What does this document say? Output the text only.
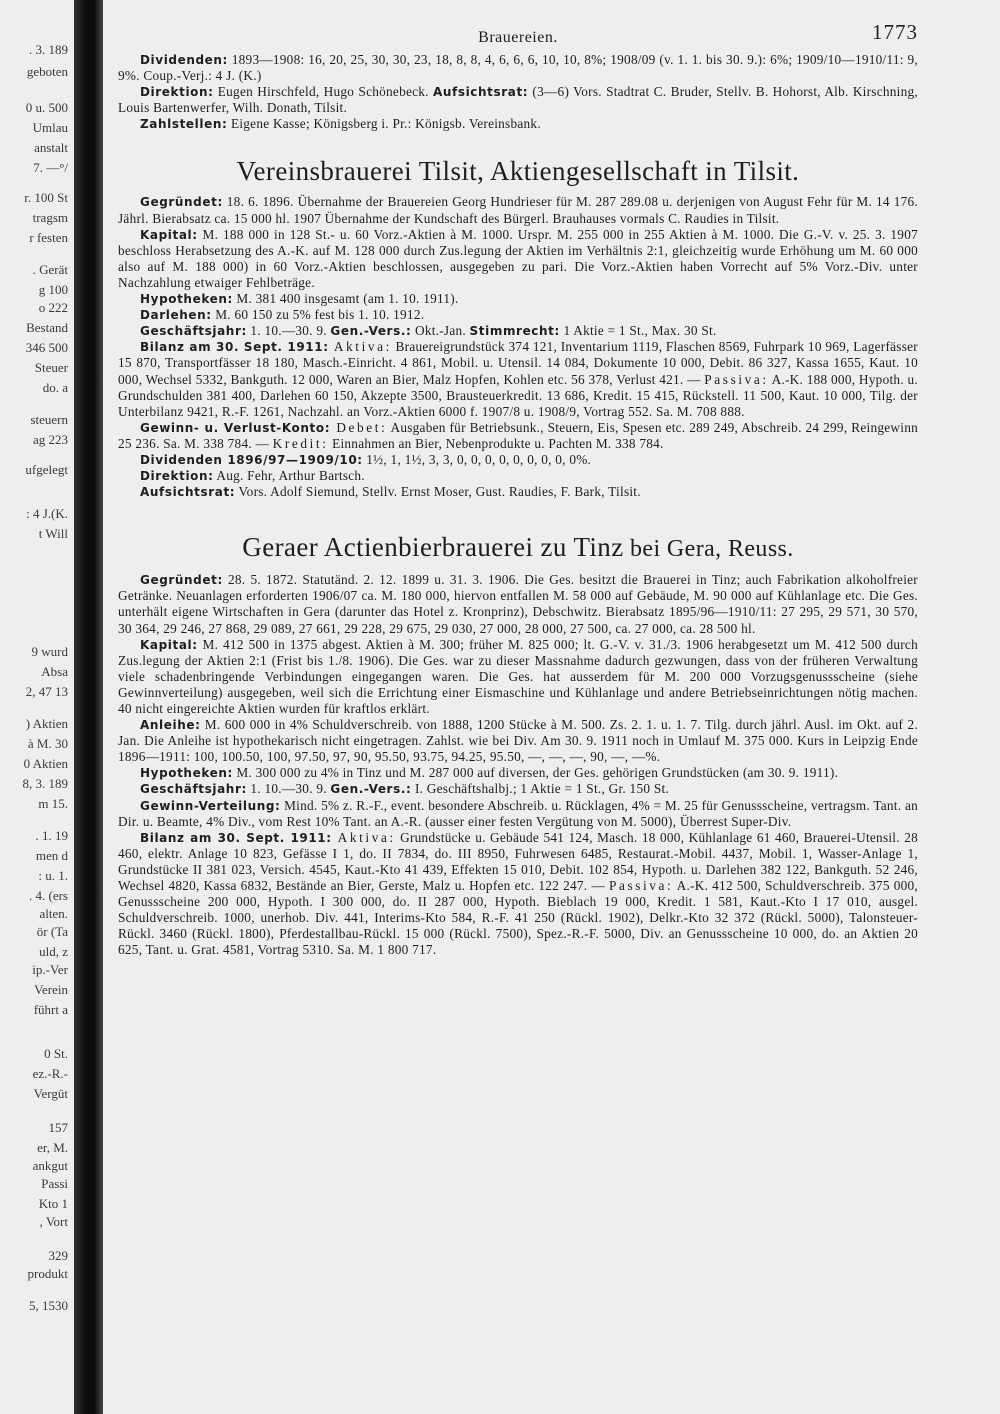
. 3. 189
geboten
0 u. 500
Umlau
anstalt
7. —°/
r. 100 St
tragsm
r festen
. Gerät
g 100
o 222
Bestand
346 500
Steuer
do. a
steuern
ag 223
ufgelegt
: 4 J.(K.
t Will
9 wurd
Absa
2, 47 13
) Aktien
à M. 30
0 Aktien
8, 3. 189
m 15.
. 1. 19
men d
: u. 1.
. 4. (ers
alten.
ör (Ta
uld, z
ip.-Ver
Verein
führt a
0 St.
ez.-R.-
Vergüt
157
er, M.
ankgut
Passi
Kto 1
, Vort
329
produkt
5, 1530
Brauereien.	1773

Dividenden: 1893—1908: 16, 20, 25, 30, 30, 23, 18, 8, 8, 4, 6, 6, 6, 10, 10, 8%; 1908/09 (v. 1. 1. bis 30. 9.): 6%; 1909/10—1910/11: 9, 9%. Coup.-Verj.: 4 J. (K.)

Direktion: Eugen Hirschfeld, Hugo Schönebeck. Aufsichtsrat: (3—6) Vors. Stadtrat C. Bruder, Stellv. B. Hohorst, Alb. Kirschning, Louis Bartenwerfer, Wilh. Donath, Tilsit.

Zahlstellen: Eigene Kasse; Königsberg i. Pr.: Königsb. Vereinsbank.

Vereinsbrauerei Tilsit, Aktiengesellschaft in Tilsit.

Gegründet: 18. 6. 1896. Übernahme der Brauereien Georg Hundrieser für M. 287 289.08 u. derjenigen von August Fehr für M. 14 176. Jährl. Bierabsatz ca. 15 000 hl. 1907 Übernahme der Kundschaft des Bürgerl. Brauhauses vormals C. Raudies in Tilsit.

Kapital: M. 188 000 in 128 St.- u. 60 Vorz.-Aktien à M. 1000. Urspr. M. 255 000 in 255 Aktien à M. 1000. Die G.-V. v. 25. 3. 1907 beschloss Herabsetzung des A.-K. auf M. 128 000 durch Zus.legung der Aktien im Verhältnis 2:1, gleichzeitig wurde Erhöhung um M. 60 000 also auf M. 188 000) in 60 Vorz.-Aktien beschlossen, ausgegeben zu pari. Die Vorz.-Aktien haben Vorrecht auf 5% Vorz.-Div. unter Nachzahlung etwaiger Fehlbeträge.

Hypotheken: M. 381 400 insgesamt (am 1. 10. 1911).

Darlehen: M. 60 150 zu 5% fest bis 1. 10. 1912.

Geschäftsjahr: 1. 10.—30. 9. Gen.-Vers.: Okt.-Jan. Stimmrecht: 1 Aktie = 1 St., Max. 30 St.

Bilanz am 30. Sept. 1911: Aktiva: Brauereigrundstück 374 121, Inventarium 1119, Flaschen 8569, Fuhrpark 10 969, Lagerfässer 15 870, Transportfässer 18 180, Masch.-Einricht. 4 861, Mobil. u. Utensil. 14 084, Dokumente 10 000, Debit. 86 327, Kassa 1655, Kaut. 10 000, Wechsel 5332, Bankguth. 12 000, Waren an Bier, Malz Hopfen, Kohlen etc. 56 378, Verlust 421. — Passiva: A.-K. 188 000, Hypoth. u. Grundschulden 381 400, Darlehen 60 150, Akzepte 3500, Brausteuerkredit. 13 686, Kredit. 15 415, Rückstell. 11 500, Kaut. 10 000, Tilg. der Unterbilanz 9421, R.-F. 1261, Nachzahl. an Vorz.-Aktien 6000 f. 1907/8 u. 1908/9, Vortrag 552. Sa. M. 708 888.

Gewinn- u. Verlust-Konto: Debet: Ausgaben für Betriebsunk., Steuern, Eis, Spesen etc. 289 249, Abschreib. 24 299, Reingewinn 25 236. Sa. M. 338 784. — Kredit: Einnahmen an Bier, Nebenprodukte u. Pachten M. 338 784.

Dividenden 1896/97—1909/10: 1½, 1, 1½, 3, 3, 0, 0, 0, 0, 0, 0, 0, 0, 0%.

Direktion: Aug. Fehr, Arthur Bartsch.

Aufsichtsrat: Vors. Adolf Siemund, Stellv. Ernst Moser, Gust. Raudies, F. Bark, Tilsit.

Geraer Actienbierbrauerei zu Tinz bei Gera, Reuss.

Gegründet: 28. 5. 1872. Statutänd. 2. 12. 1899 u. 31. 3. 1906. Die Ges. besitzt die Brauerei in Tinz; auch Fabrikation alkoholfreier Getränke. Neuanlagen erforderten 1906/07 ca. M. 180 000, hiervon entfallen M. 58 000 auf Gebäude, M. 90 000 auf Kühlanlage etc. Die Ges. unterhält eigene Wirtschaften in Gera (darunter das Hotel z. Kronprinz), Debschwitz. Bierabsatz 1895/96—1910/11: 27 295, 29 571, 30 570, 30 364, 29 246, 27 868, 29 089, 27 661, 29 228, 29 675, 29 030, 27 000, 28 000, 27 500, ca. 27 000, ca. 28 500 hl.

Kapital: M. 412 500 in 1375 abgest. Aktien à M. 300; früher M. 825 000; lt. G.-V. v. 31./3. 1906 herabgesetzt um M. 412 500 durch Zus.legung der Aktien 2:1 (Frist bis 1./8. 1906). Die Ges. war zu dieser Massnahme dadurch gezwungen, dass von der früheren Verwaltung viele schadenbringende Verbindungen eingegangen waren. Die Ges. hat ausserdem für M. 200 000 Vorzugsgenussscheine (siehe Gewinnverteilung) ausgegeben, weil sich die Errichtung einer Eismaschine und Kühlanlage und andere Betriebseinrichtungen nötig machen. 40 nicht eingereichte Aktien wurden für kraftlos erklärt.

Anleihe: M. 600 000 in 4% Schuldverschreib. von 1888, 1200 Stücke à M. 500. Zs. 2. 1. u. 1. 7. Tilg. durch jährl. Ausl. im Okt. auf 2. Jan. Die Anleihe ist hypothekarisch nicht eingetragen. Zahlst. wie bei Div. Am 30. 9. 1911 noch in Umlauf M. 375 000. Kurs in Leipzig Ende 1896—1911: 100, 100.50, 100, 97.50, 97, 90, 95.50, 93.75, 94.25, 95.50, —, —, —, 90, —, —%.

Hypotheken: M. 300 000 zu 4% in Tinz und M. 287 000 auf diversen, der Ges. gehörigen Grundstücken (am 30. 9. 1911).

Geschäftsjahr: 1. 10.—30. 9. Gen.-Vers.: I. Geschäftshalbj.; 1 Aktie = 1 St., Gr. 150 St.

Gewinn-Verteilung: Mind. 5% z. R.-F., event. besondere Abschreib. u. Rücklagen, 4% = M. 25 für Genussscheine, vertragsm. Tant. an Dir. u. Beamte, 4% Div., vom Rest 10% Tant. an A.-R. (ausser einer festen Vergütung von M. 5000), Überrest Super-Div.

Bilanz am 30. Sept. 1911: Aktiva: Grundstücke u. Gebäude 541 124, Masch. 18 000, Kühlanlage 61 460, Brauerei-Utensil. 28 460, elektr. Anlage 10 823, Gefässe I 1, do. II 7834, do. III 8950, Fuhrwesen 6485, Restaurat.-Mobil. 4437, Mobil. 1, Wasser-Anlage 1, Grundstücke II 381 023, Versich. 4545, Kaut.-Kto 41 439, Effekten 15 010, Debit. 102 854, Hypoth. u. Darlehen 382 122, Bankguth. 52 246, Wechsel 4820, Kassa 6832, Bestände an Bier, Gerste, Malz u. Hopfen etc. 122 247. — Passiva: A.-K. 412 500, Schuldverschreib. 375 000, Genussscheine 200 000, Hypoth. I 300 000, do. II 287 000, Hypoth. Bieblach 19 000, Kredit. 1 581, Kaut.-Kto I 17 010, ausgel. Schuldverschreib. 1000, unerhob. Div. 441, Interims-Kto 584, R.-F. 41 250 (Rückl. 1902), Delkr.-Kto 32 372 (Rückl. 5000), Talonsteuer-Rückl. 3460 (Rückl. 1800), Pferdestallbau-Rückl. 15 000 (Rückl. 7500), Spez.-R.-F. 5000, Div. an Genussscheine 10 000, do. an Aktien 20 625, Tant. u. Grat. 4581, Vortrag 5310. Sa. M. 1 800 717.
